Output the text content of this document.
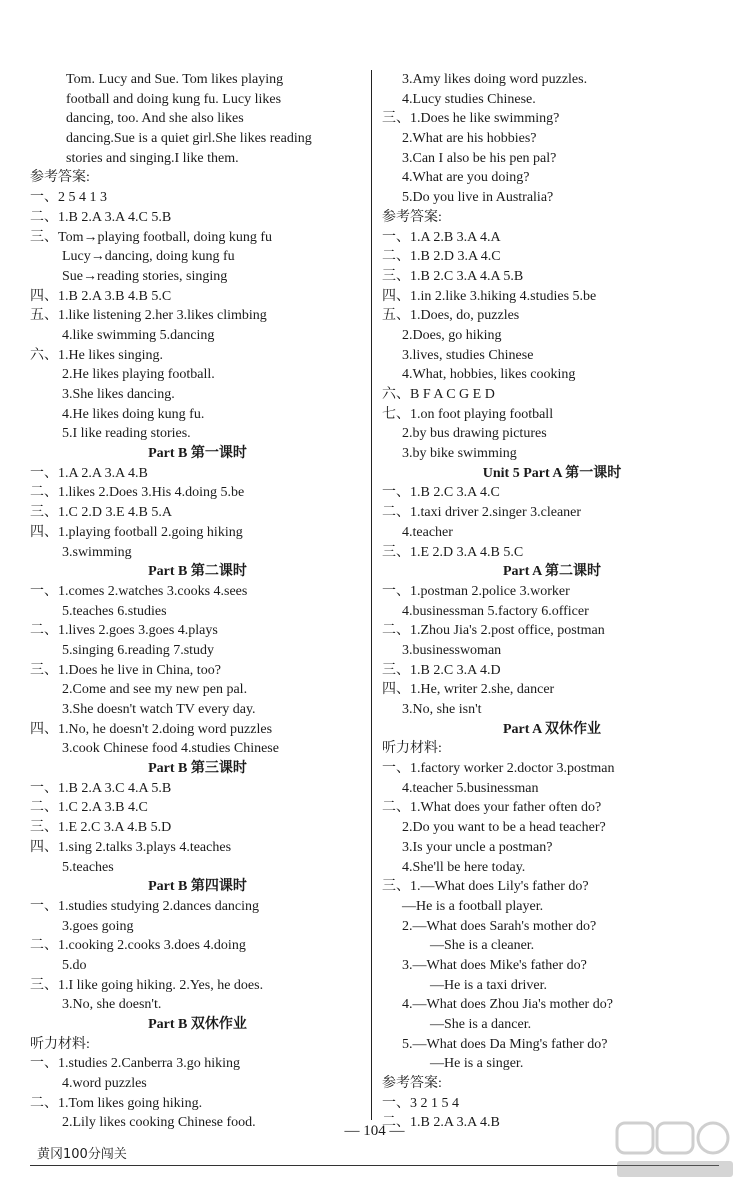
Tom. Lucy and Sue. Tom likes playing
football and doing kung fu. Lucy likes
dancing, too. And she also likes
dancing.Sue is a quiet girl.She likes reading
stories and singing.I like them.
参考答案:
一、2 5 4 1 3
二、1.B 2.A 3.A 4.C 5.B
三、Tom→playing football, doing kung fu
Lucy→dancing, doing kung fu
Sue→reading stories, singing
四、1.B 2.A 3.B 4.B 5.C
五、1.like listening 2.her 3.likes climbing
4.like swimming 5.dancing
六、1.He likes singing.
2.He likes playing football.
3.She likes dancing.
4.He likes doing kung fu.
5.I like reading stories.
Part B 第一课时
一、1.A 2.A 3.A 4.B
二、1.likes 2.Does 3.His 4.doing 5.be
三、1.C 2.D 3.E 4.B 5.A
四、1.playing football 2.going hiking
3.swimming
Part B 第二课时
一、1.comes 2.watches 3.cooks 4.sees
5.teaches 6.studies
二、1.lives 2.goes 3.goes 4.plays
5.singing 6.reading 7.study
三、1.Does he live in China, too?
2.Come and see my new pen pal.
3.She doesn't watch TV every day.
四、1.No, he doesn't 2.doing word puzzles
3.cook Chinese food 4.studies Chinese
Part B 第三课时
一、1.B 2.A 3.C 4.A 5.B
二、1.C 2.A 3.B 4.C
三、1.E 2.C 3.A 4.B 5.D
四、1.sing 2.talks 3.plays 4.teaches
5.teaches
Part B 第四课时
一、1.studies studying 2.dances dancing
3.goes going
二、1.cooking 2.cooks 3.does 4.doing
5.do
三、1.I like going hiking. 2.Yes, he does.
3.No, she doesn't.
Part B 双休作业
听力材料:
一、1.studies 2.Canberra 3.go hiking
4.word puzzles
二、1.Tom likes going hiking.
2.Lily likes cooking Chinese food.
3.Amy likes doing word puzzles.
4.Lucy studies Chinese.
三、1.Does he like swimming?
2.What are his hobbies?
3.Can I also be his pen pal?
4.What are you doing?
5.Do you live in Australia?
参考答案:
一、1.A 2.B 3.A 4.A
二、1.B 2.D 3.A 4.C
三、1.B 2.C 3.A 4.A 5.B
四、1.in 2.like 3.hiking 4.studies 5.be
五、1.Does, do, puzzles
2.Does, go hiking
3.lives, studies Chinese
4.What, hobbies, likes cooking
六、B F A C G E D
七、1.on foot playing football
2.by bus drawing pictures
3.by bike swimming
Unit 5 Part A 第一课时
一、1.B 2.C 3.A 4.C
二、1.taxi driver 2.singer 3.cleaner
4.teacher
三、1.E 2.D 3.A 4.B 5.C
Part A 第二课时
一、1.postman 2.police 3.worker
4.businessman 5.factory 6.officer
二、1.Zhou Jia's 2.post office, postman
3.businesswoman
三、1.B 2.C 3.A 4.D
四、1.He, writer 2.she, dancer
3.No, she isn't
Part A 双休作业
听力材料:
一、1.factory worker 2.doctor 3.postman
4.teacher 5.businessman
二、1.What does your father often do?
2.Do you want to be a head teacher?
3.Is your uncle a postman?
4.She'll be here today.
三、1.—What does Lily's father do?
—He is a football player.
2.—What does Sarah's mother do?
—She is a cleaner.
3.—What does Mike's father do?
—He is a taxi driver.
4.—What does Zhou Jia's mother do?
—She is a dancer.
5.—What does Da Ming's father do?
—He is a singer.
参考答案:
一、3 2 1 5 4
二、1.B 2.A 3.A 4.B
— 104 —
黄冈100分闯关
